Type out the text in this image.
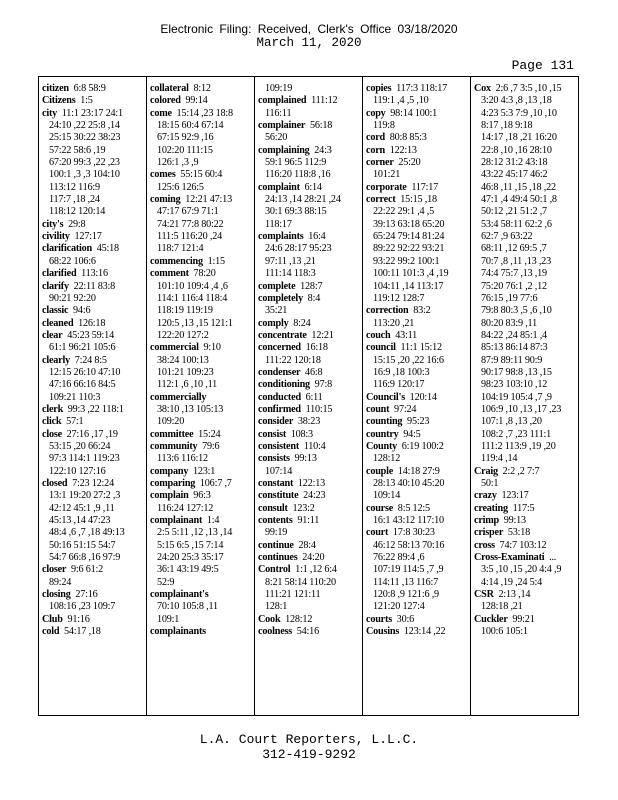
Electronic Filing: Received, Clerk's Office 03/18/2020
March 11, 2020
Page 131
citizen 6:8 58:9
Citizens 1:5
city 11:1 23:17 24:1
24:10 ,22 25:8 ,14
25:15 30:22 38:23
57:22 58:6 ,19
67:20 99:3 ,22 ,23
100:1 ,3 ,3 104:10
113:12 116:9
117:7 ,18 ,24
118:12 120:14
city's 29:8
civility 127:17
clarification 45:18
68:22 106:6
clarified 113:16
clarify 22:11 83:8
90:21 92:20
classic 94:6
cleaned 126:18
clear 45:23 59:14
61:1 96:21 105:6
clearly 7:24 8:5
12:15 26:10 47:10
47:16 66:16 84:5
109:21 110:3
clerk 99:3 ,22 118:1
click 57:1
close 27:16 ,17 ,19
53:15 ,20 66:24
97:3 114:1 119:23
122:10 127:16
closed 7:23 12:24
13:1 19:20 27:2 ,3
42:12 45:1 ,9 ,11
45:13 ,14 47:23
48:4 ,6 ,7 ,18 49:13
50:16 51:15 54:7
54:7 66:8 ,16 97:9
closer 9:6 61:2
89:24
closing 27:16
108:16 ,23 109:7
Club 91:16
cold 54:17 ,18
collateral 8:12
colored 99:14
come 15:14 ,23 18:8
18:15 60:4 67:14
67:15 92:9 ,16
102:20 111:15
126:1 ,3 ,9
comes 55:15 60:4
125:6 126:5
coming 12:21 47:13
47:17 67:9 71:1
74:21 77:8 80:22
111:5 116:20 ,24
118:7 121:4
commencing 1:15
comment 78:20
101:10 109:4 ,4 ,6
114:1 116:4 118:4
118:19 119:19
120:5 ,13 ,15 121:1
122:20 127:2
commercial 9:10
38:24 100:13
101:21 109:23
112:1 ,6 ,10 ,11
commercially
38:10 ,13 105:13
109:20
committee 15:24
community 79:6
113:6 116:12
company 123:1
comparing 106:7 ,7
complain 96:3
116:24 127:12
complainant 1:4
2:5 5:11 ,12 ,13 ,14
5:15 6:5 ,15 7:14
24:20 25:3 35:17
36:1 43:19 49:5
52:9
complainant's
70:10 105:8 ,11
109:1
complainants
109:19
complained 111:12
116:11
complainer 56:18
56:20
complaining 24:3
59:1 96:5 112:9
116:20 118:8 ,16
complaint 6:14
24:13 ,14 28:21 ,24
30:1 69:3 88:15
118:17
complaints 16:4
24:6 28:17 95:23
97:11 ,13 ,21
111:14 118:3
complete 128:7
completely 8:4
35:21
comply 8:24
concentrate 12:21
concerned 16:18
111:22 120:18
condenser 46:8
conditioning 97:8
conducted 6:11
confirmed 110:15
consider 38:23
consist 108:3
consistent 110:4
consists 99:13
107:14
constant 122:13
constitute 24:23
consult 123:2
contents 91:11
99:19
continue 28:4
continues 24:20
Control 1:1 ,12 6:4
8:21 58:14 110:20
111:21 121:11
128:1
Cook 128:12
coolness 54:16
copies 117:3 118:17
119:1 ,4 ,5 ,10
copy 98:14 100:1
119:8
cord 80:8 85:3
corn 122:13
corner 25:20
101:21
corporate 117:17
correct 15:15 ,18
22:22 29:1 ,4 ,5
39:13 63:18 65:20
65:24 79:14 81:24
89:22 92:22 93:21
93:22 99:2 100:1
100:11 101:3 ,4 ,19
104:11 ,14 113:17
119:12 128:7
correction 83:2
113:20 ,21
couch 43:11
council 11:1 15:12
15:15 ,20 ,22 16:6
16:9 ,18 100:3
116:9 120:17
Council's 120:14
count 97:24
counting 95:23
country 94:5
County 6:19 100:2
128:12
couple 14:18 27:9
28:13 40:10 45:20
109:14
course 8:5 12:5
16:1 43:12 117:10
court 17:8 30:23
46:12 58:13 70:16
76:22 89:4 ,6
107:19 114:5 ,7 ,9
114:11 ,13 116:7
120:8 ,9 121:6 ,9
121:20 127:4
courts 30:6
Cousins 123:14 ,22
Cox 2:6 ,7 3:5 ,10 ,15
3:20 4:3 ,8 ,13 ,18
4:23 5:3 7:9 ,10 ,10
8:17 ,18 9:18
14:17 ,18 ,21 16:20
22:8 ,10 ,16 28:10
28:12 31:2 43:18
43:22 45:17 46:2
46:8 ,11 ,15 ,18 ,22
47:1 ,4 49:4 50:1 ,8
50:12 ,21 51:2 ,7
53:4 58:11 62:2 ,6
62:7 ,9 63:22
68:11 ,12 69:5 ,7
70:7 ,8 ,11 ,13 ,23
74:4 75:7 ,13 ,19
75:20 76:1 ,2 ,12
76:15 ,19 77:6
79:8 80:3 ,5 ,6 ,10
80:20 83:9 ,11
84:22 ,24 85:1 ,4
85:13 86:14 87:3
87:9 89:11 90:9
90:17 98:8 ,13 ,15
98:23 103:10 ,12
104:19 105:4 ,7 ,9
106:9 ,10 ,13 ,17 ,23
107:1 ,8 ,13 ,20
108:2 ,7 ,23 111:1
111:2 113:9 ,19 ,20
119:4 ,14
Craig 2:2 ,2 7:7
50:1
crazy 123:17
creating 117:5
crimp 99:13
crisper 53:18
cross 74:7 103:12
Cross-Examinati ...
3:5 ,10 ,15 ,20 4:4 ,9
4:14 ,19 ,24 5:4
CSR 2:13 ,14
128:18 ,21
Cuckler 99:21
100:6 105:1
L.A. Court Reporters, L.L.C.
312-419-9292
